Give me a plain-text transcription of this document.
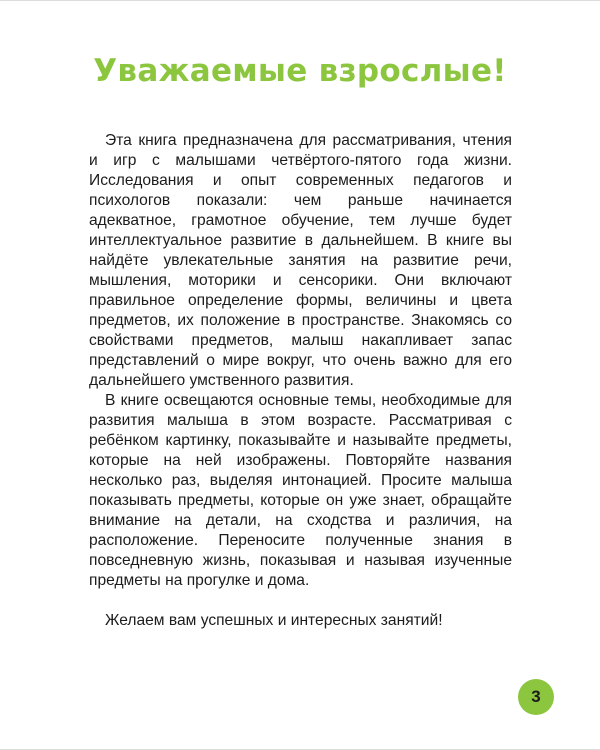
Уважаемые взрослые!

Эта книга предназначена для рассматривания, чтения и игр с малышами четвёртого-пятого года жизни. Исследования и опыт современных педагогов и психологов показали: чем раньше начинается адекватное, грамотное обучение, тем лучше будет интеллектуальное развитие в дальнейшем. В книге вы найдёте увлекательные занятия на развитие речи, мышления, моторики и сенсорики. Они включают правильное определение формы, величины и цвета предметов, их положение в пространстве. Знакомясь со свойствами предметов, малыш накапливает запас представлений о мире вокруг, что очень важно для его дальнейшего умственного развития.

В книге освещаются основные темы, необходимые для развития малыша в этом возрасте. Рассматривая с ребёнком картинку, показывайте и называйте предметы, которые на ней изображены. Повторяйте названия несколько раз, выделяя интонацией. Просите малыша показывать предметы, которые он уже знает, обращайте внимание на детали, на сходства и различия, на расположение. Переносите полученные знания в повседневную жизнь, показывая и называя изученные предметы на прогулке и дома.

Желаем вам успешных и интересных занятий!

3
